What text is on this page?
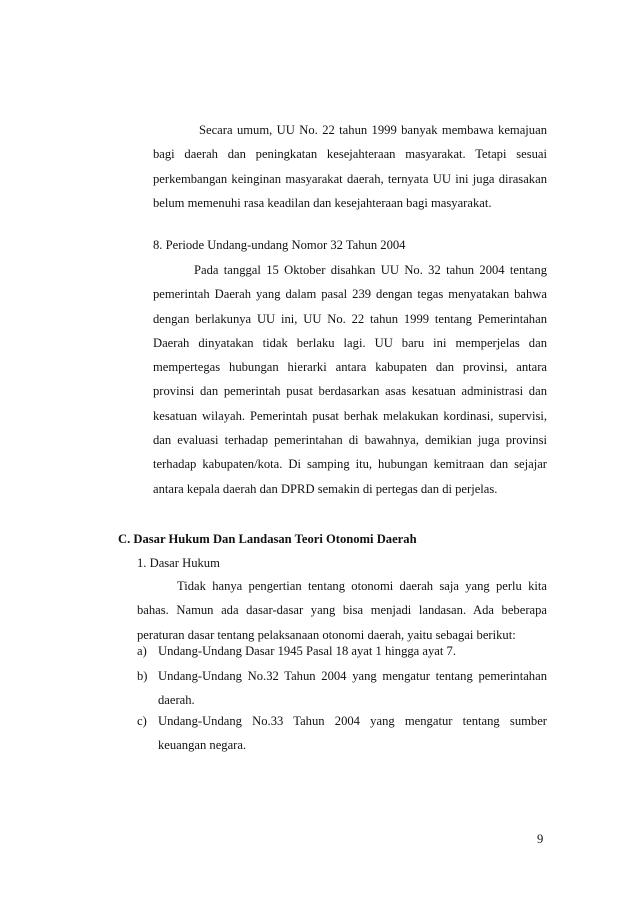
Secara umum, UU No. 22 tahun 1999 banyak membawa kemajuan bagi daerah dan peningkatan kesejahteraan masyarakat. Tetapi sesuai perkembangan keinginan masyarakat daerah, ternyata UU ini juga dirasakan belum memenuhi rasa keadilan dan kesejahteraan bagi masyarakat.

8. Periode Undang-undang Nomor 32 Tahun 2004

Pada tanggal 15 Oktober disahkan UU No. 32 tahun 2004 tentang pemerintah Daerah yang dalam pasal 239 dengan tegas menyatakan bahwa dengan berlakunya UU ini, UU No. 22 tahun 1999 tentang Pemerintahan Daerah dinyatakan tidak berlaku lagi. UU baru ini memperjelas dan mempertegas hubungan hierarki antara kabupaten dan provinsi, antara provinsi dan pemerintah pusat berdasarkan asas kesatuan administrasi dan kesatuan wilayah. Pemerintah pusat berhak melakukan kordinasi, supervisi, dan evaluasi terhadap pemerintahan di bawahnya, demikian juga provinsi terhadap kabupaten/kota. Di samping itu, hubungan kemitraan dan sejajar antara kepala daerah dan DPRD semakin di pertegas dan di perjelas.

C. Dasar Hukum Dan Landasan Teori Otonomi Daerah
1. Dasar Hukum

Tidak hanya pengertian tentang otonomi daerah saja yang perlu kita bahas. Namun ada dasar-dasar yang bisa menjadi landasan. Ada beberapa peraturan dasar tentang pelaksanaan otonomi daerah, yaitu sebagai berikut:

a) Undang-Undang Dasar 1945 Pasal 18 ayat 1 hingga ayat 7.
b) Undang-Undang No.32 Tahun 2004 yang mengatur tentang pemerintahan daerah.
c) Undang-Undang No.33 Tahun 2004 yang mengatur tentang sumber keuangan negara.
9
